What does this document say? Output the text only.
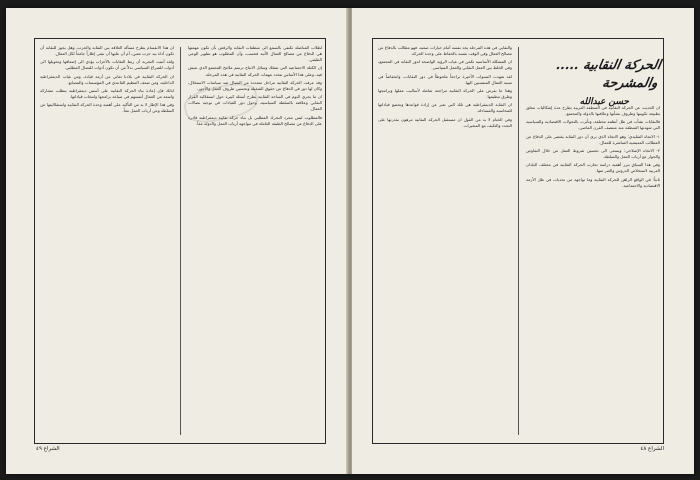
لطلاب المناضلة تكتفي بالسمع الى منظمات النقابة والرفض بأن تكون مهمتها هي الدفاع عن مصالح العمال الآنية فحسب، وأن المطلوب هو تطوير الوعي الطبقي.

إن الكتلة الاجتماعية التي تمتلك وسائل الانتاج ترسم ملامح المجتمع الذي نعيش فيه، وعلى هذا الأساس تتحدد مهمات الحركة النقابية في هذه المرحلة.

وقد عرفت الحركة النقابية مراحل متعددة من النضال ضد سياسات الاستغلال، وكان لها دور في الدفاع عن حقوق الشغيلة وتحسين ظروف العمل والأجور.

ان ما يجري اليوم في الساحة النقابية يطرح أسئلة كبيرة حول استقلالية القرار النقابي وعلاقته بالسلطة السياسية، وحول دور القيادات في توجيه نضالات العمال.

فالمطلوب ليس مجرد التحرك المطلبي بل بناء حركة نقابية ديمقراطية قادرة على الدفاع عن مصالح الطبقة العاملة في مواجهة أرباب العمل والدولة معاً.

ان هذا الانقسام يطرح مسألة العلاقة بين النقابة والحزب، وهل يجوز للنقابة أن تكون أداة بيد حزب معين، أم أن عليها أن تبقى إطاراً جامعاً لكل العمال.

ولقد أثبتت التجربة أن ربط النقابات بالأحزاب يؤدي الى إضعافها وتحويلها الى أدوات للصراع السياسي بدلاً من أن تكون أدوات للنضال المطلبي.

ان الحركة النقابية في بلادنا تعاني من أزمة قيادة، ومن غياب الديمقراطية الداخلية، ومن ضعف التنظيم القاعدي في المؤسسات والمصانع.

لذلك فإن إعادة بناء الحركة النقابية على أسس ديمقراطية يتطلب مشاركة واسعة من العمال أنفسهم في صياغة برامجها وانتخاب قياداتها.

وفي هذا الإطار لا بد من التأكيد على أهمية وحدة الحركة النقابية واستقلاليتها عن السلطة وعن أرباب العمل معاً.

الشراع ٤٩
الحركة النقابية ..... والمشرحة
حسن عبدالله

ان الحديث عن الحركة النقابية في المنطقة العربية يطرح عدة إشكاليات تتعلق بطبيعة تكوينها وظروف نشأتها وعلاقتها بالدولة والمجتمع.

فالنقابات نشأت في ظل أنظمة مختلفة، وتأثرت بالتحولات الاقتصادية والسياسية التي شهدتها المنطقة منذ منتصف القرن الماضي.

١- الاتجاه التقليدي: وهو الاتجاه الذي يرى أن دور النقابة يقتصر على الدفاع عن المطالب المعيشية المباشرة للعمال.

٢- الاتجاه الإصلاحي: ويسعى الى تحسين شروط العمل من خلال التفاوض والحوار مع أرباب العمل والسلطة.

وفي هذا السياق تبرز أهمية دراسة تجارب الحركة النقابية في مختلف البلدان العربية لاستخلاص الدروس والعبر منها.

ثانياً: في الواقع الراهن للحركة النقابية وما تواجهه من تحديات في ظل الأزمة الاقتصادية والاجتماعية.

والنقابي في هذه المرحلة يجد نفسه أمام خيارات صعبة، فهو مطالب بالدفاع عن مصالح العمال وفي الوقت نفسه بالحفاظ على وحدة الحركة.

ان المشكلة الأساسية تكمن في غياب الرؤية الواضحة لدور النقابة في المجتمع، وفي الخلط بين العمل النقابي والعمل السياسي.

لقد شهدت السنوات الأخيرة تراجعاً ملحوظاً في دور النقابات، وانخفاضاً في نسبة العمال المنتسبين اليها.

وهذا ما يفرض على الحركة النقابية مراجعة شاملة لأساليب عملها وبرامجها وطرق تنظيمها.

ان النقابة الديمقراطية هي تلك التي تعبر عن إرادة قواعدها وتخضع قياداتها للمحاسبة والمساءلة.

وفي الختام لا بد من القول ان مستقبل الحركة النقابية مرهون بقدرتها على التجدد والتكيف مع المتغيرات.

الشراع ٤٨
